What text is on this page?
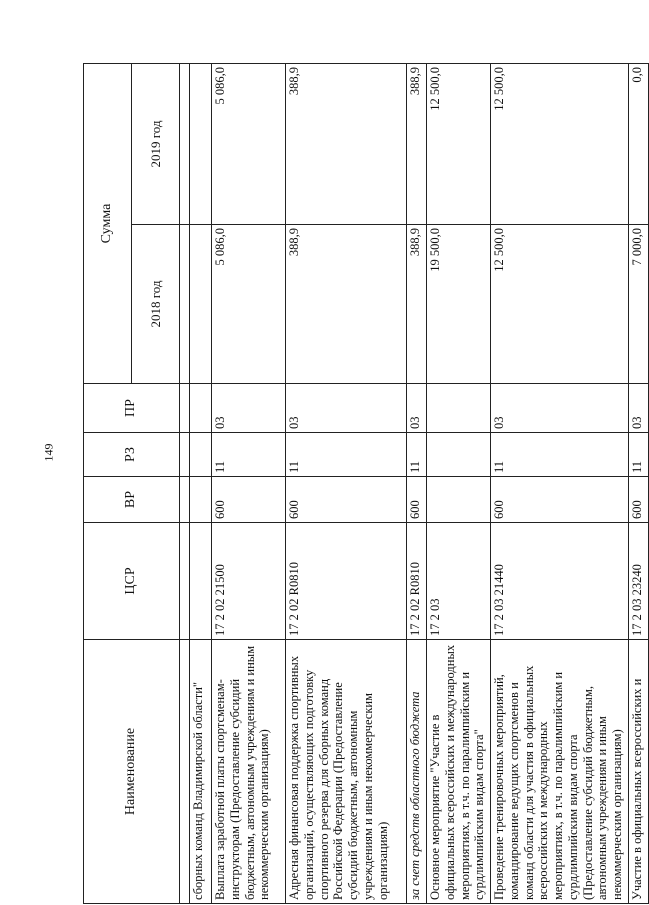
149
Наименование	ЦСР	ВР	РЗ	ПР	Сумма	
					2018 год	2019 год

сборных команд Владимирской области"						
Выплата заработной платы спортсменам-инструкторам (Предоставление субсидий бюджетным, автономным учреждениям и иным некоммерческим организациям)	17 2 02 21500	600	11	03	5 086,0	5 086,0
Адресная финансовая поддержка спортивных организаций, осуществляющих подготовку спортивного резерва для сборных команд Российской Федерации (Предоставление субсидий бюджетным, автономным учреждениям и иным некоммерческим организациям)	17 2 02 R0810	600	11	03	388,9	388,9
за счет средств областного бюджета	17 2 02 R0810	600	11	03	388,9	388,9
Основное мероприятие "Участие в официальных всероссийских и международных мероприятиях, в т.ч. по паралимпийским и сурдлимпийским видам спорта"	17 2 03				19 500,0	12 500,0
Проведение тренировочных мероприятий, командирование ведущих спортсменов и команд области для участия в официальных всероссийских и международных мероприятиях, в т.ч. по паралимпийским и сурдлимпийским видам спорта (Предоставление субсидий бюджетным, автономным учреждениям и иным некоммерческим организациям)	17 2 03 21440	600	11	03	12 500,0	12 500,0
Участие в официальных всероссийских и	17 2 03 23240	600	11	03	7 000,0	0,0
